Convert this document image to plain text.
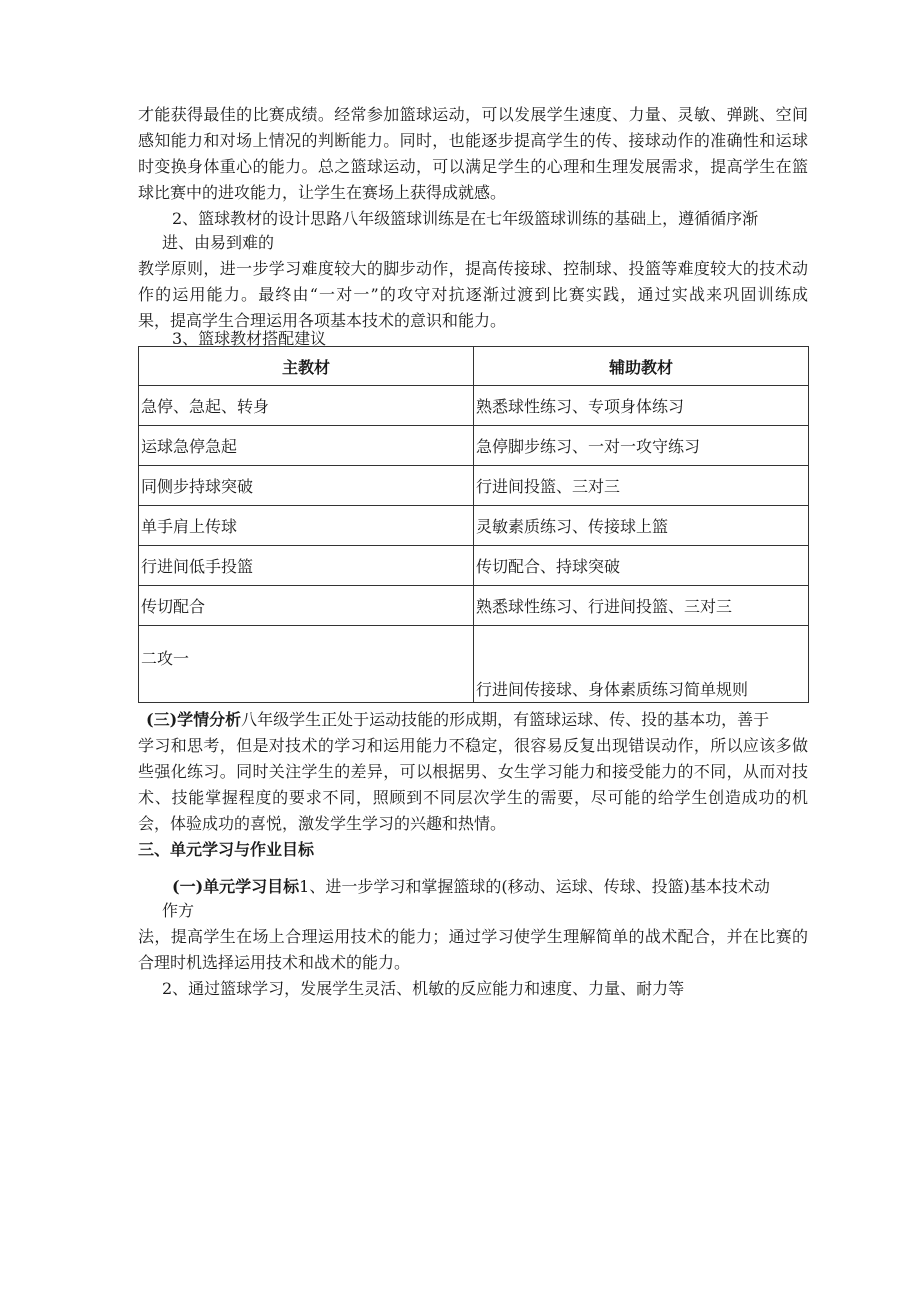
才能获得最佳的比赛成绩。经常参加篮球运动，可以发展学生速度、力量、灵敏、弹跳、空间
感知能力和对场上情况的判断能力。同时，也能逐步提高学生的传、接球动作的准确性和运球
时变换身体重心的能力。总之篮球运动，可以满足学生的心理和生理发展需求，提高学生在篮
球比赛中的进攻能力，让学生在赛场上获得成就感。
2、篮球教材的设计思路八年级篮球训练是在七年级篮球训练的基础上，遵循循序渐
进、由易到难的
教学原则，进一步学习难度较大的脚步动作，提高传接球、控制球、投篮等难度较大的技术动
作的运用能力。最终由“一对一”的攻守对抗逐渐过渡到比赛实践，通过实战来巩固训练成
果，提高学生合理运用各项基本技术的意识和能力。
3、篮球教材搭配建议
主教材	辅助教材
急停、急起、转身	熟悉球性练习、专项身体练习
运球急停急起	急停脚步练习、一对一攻守练习
同侧步持球突破	行进间投篮、三对三
单手肩上传球	灵敏素质练习、传接球上篮
行进间低手投篮	传切配合、持球突破
传切配合	熟悉球性练习、行进间投篮、三对三
二攻一	行进间传接球、身体素质练习简单规则
(三)学情分析八年级学生正处于运动技能的形成期，有篮球运球、传、投的基本功，善于
学习和思考，但是对技术的学习和运用能力不稳定，很容易反复出现错误动作，所以应该多做
些强化练习。同时关注学生的差异，可以根据男、女生学习能力和接受能力的不同，从而对技
术、技能掌握程度的要求不同，照顾到不同层次学生的需要，尽可能的给学生创造成功的机
会，体验成功的喜悦，激发学生学习的兴趣和热情。
三、单元学习与作业目标
(一)单元学习目标1、进一步学习和掌握篮球的(移动、运球、传球、投篮)基本技术动
作方
法，提高学生在场上合理运用技术的能力；通过学习使学生理解简单的战术配合，并在比赛的
合理时机选择运用技术和战术的能力。
2、通过篮球学习，发展学生灵活、机敏的反应能力和速度、力量、耐力等
